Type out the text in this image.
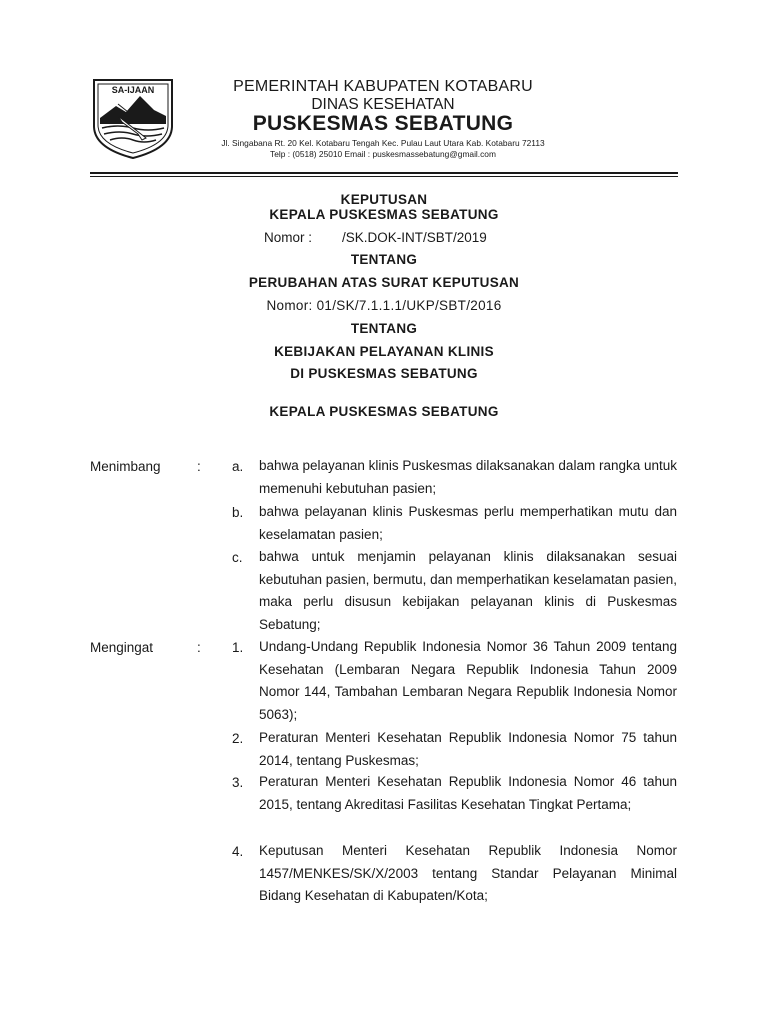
SA-IJAAN	PEMERINTAH KABUPATEN KOTABARU
DINAS KESEHATAN
PUSKESMAS SEBATUNG
Jl. Singabana Rt. 20 Kel. Kotabaru Tengah Kec. Pulau Laut Utara Kab. Kotabaru 72113
Telp : (0518) 25010 Email : puskesmassebatung@gmail.com
KEPUTUSAN
KEPALA PUSKESMAS SEBATUNG
Nomor : /SK.DOK-INT/SBT/2019
TENTANG
PERUBAHAN ATAS SURAT KEPUTUSAN
Nomor: 01/SK/7.1.1.1/UKP/SBT/2016
TENTANG
KEBIJAKAN PELAYANAN KLINIS
DI PUSKESMAS SEBATUNG
KEPALA PUSKESMAS SEBATUNG
Menimbang	: a. bahwa pelayanan klinis Puskesmas dilaksanakan dalam rangka untuk memenuhi kebutuhan pasien;
b. bahwa pelayanan klinis Puskesmas perlu memperhatikan mutu dan keselamatan pasien;
c. bahwa untuk menjamin pelayanan klinis dilaksanakan sesuai kebutuhan pasien, bermutu, dan memperhatikan keselamatan pasien, maka perlu disusun kebijakan pelayanan klinis di Puskesmas Sebatung;
Mengingat	: 1. Undang-Undang Republik Indonesia Nomor 36 Tahun 2009 tentang Kesehatan (Lembaran Negara Republik Indonesia Tahun 2009 Nomor 144, Tambahan Lembaran Negara Republik Indonesia Nomor 5063);
2. Peraturan Menteri Kesehatan Republik Indonesia Nomor 75 tahun 2014, tentang Puskesmas;
3. Peraturan Menteri Kesehatan Republik Indonesia Nomor 46 tahun 2015, tentang Akreditasi Fasilitas Kesehatan Tingkat Pertama;
4. Keputusan Menteri Kesehatan Republik Indonesia Nomor 1457/MENKES/SK/X/2003 tentang Standar Pelayanan Minimal Bidang Kesehatan di Kabupaten/Kota;
